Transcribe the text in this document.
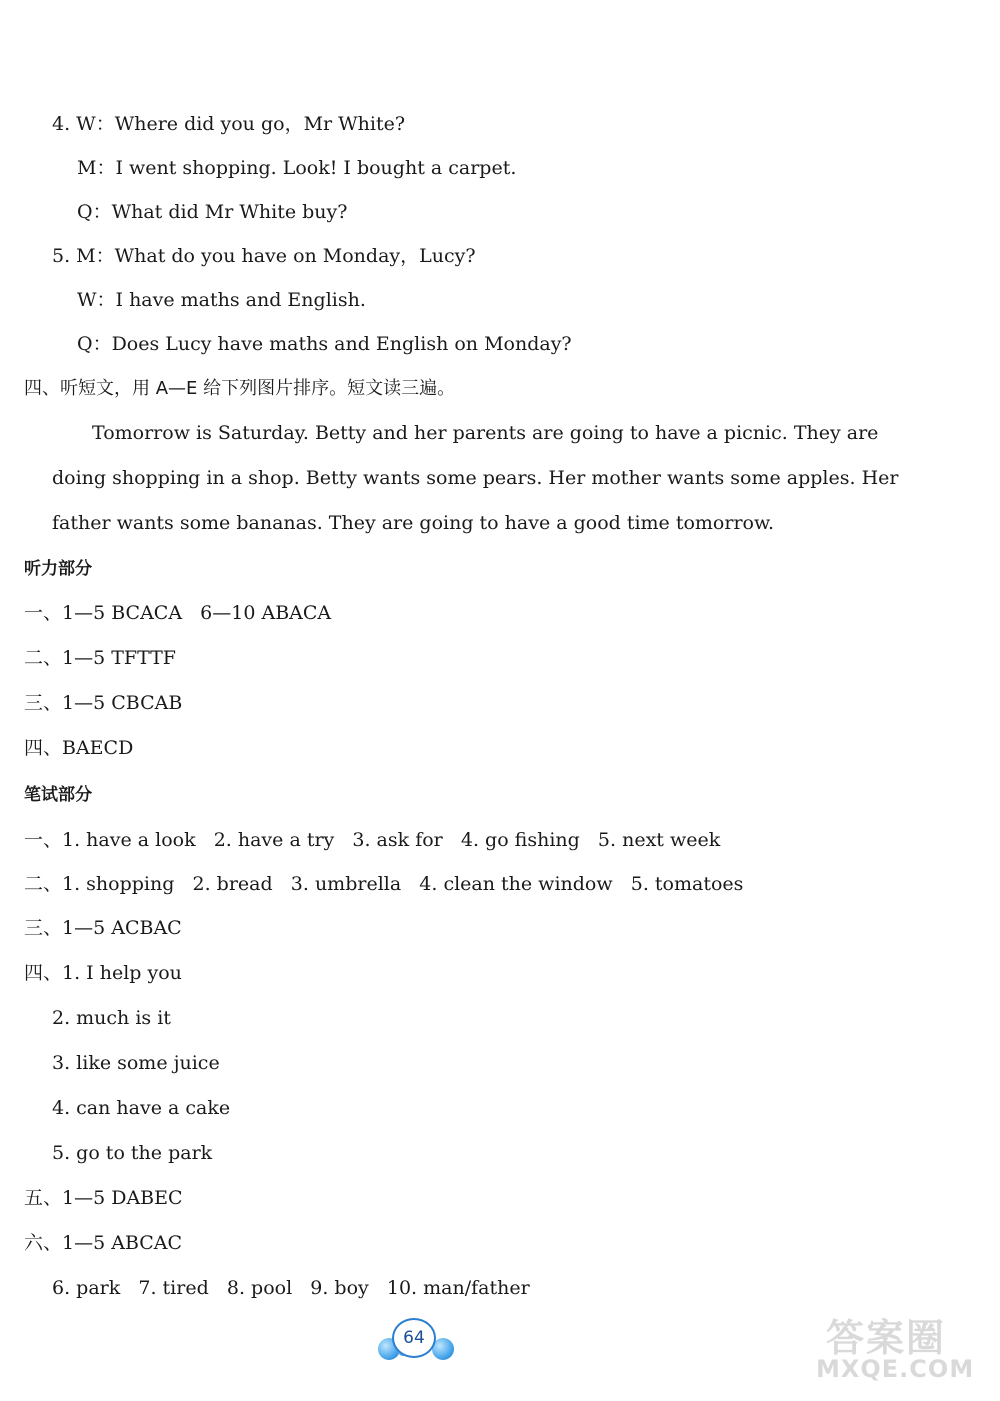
4. W：Where did you go，Mr White?
M：I went shopping. Look! I bought a carpet.
Q：What did Mr White buy?
5. M：What do you have on Monday，Lucy?
W：I have maths and English.
Q：Does Lucy have maths and English on Monday?
四、听短文，用 A—E 给下列图片排序。短文读三遍。
Tomorrow is Saturday. Betty and her parents are going to have a picnic. They are
doing shopping in a shop. Betty wants some pears. Her mother wants some apples. Her
father wants some bananas. They are going to have a good time tomorrow.
听力部分
一、1—5 BCACA   6—10 ABACA
二、1—5 TFTTF
三、1—5 CBCAB
四、BAECD
笔试部分
一、1. have a look   2. have a try   3. ask for   4. go fishing   5. next week
二、1. shopping   2. bread   3. umbrella   4. clean the window   5. tomatoes
三、1—5 ACBAC
四、1. I help you
2. much is it
3. like some juice
4. can have a cake
5. go to the park
五、1—5 DABEC
六、1—5 ABCAC
6. park   7. tired   8. pool   9. boy   10. man/father
64	答案圈
MXQE.COM
